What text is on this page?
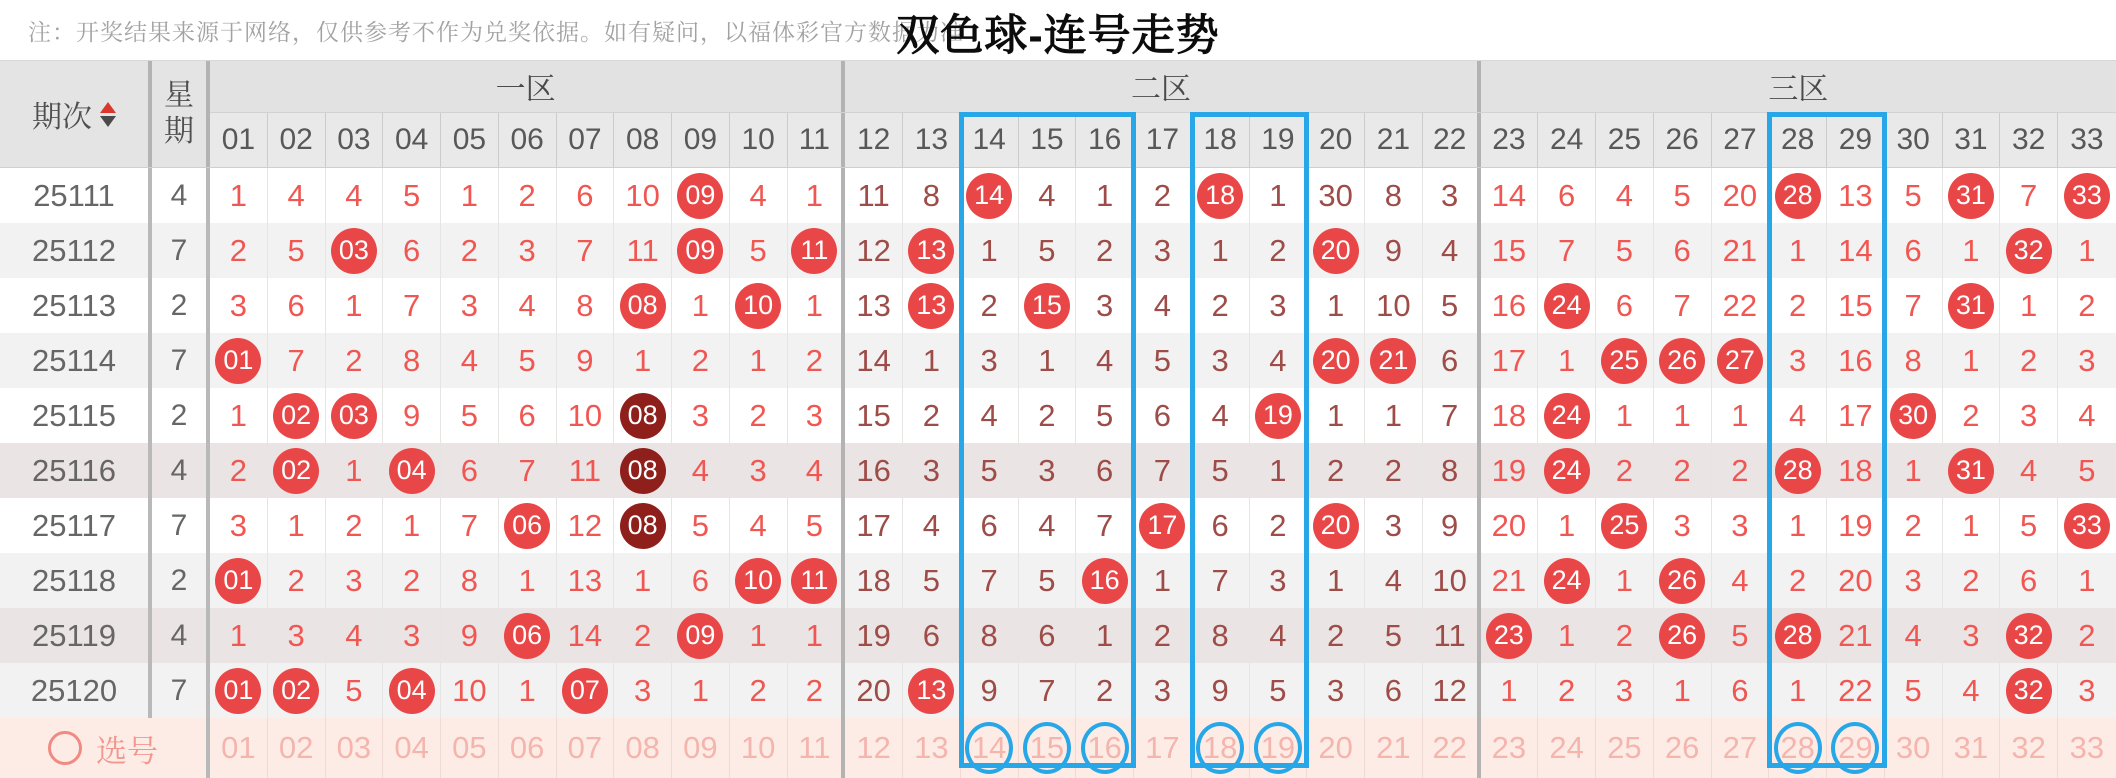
注：开奖结果来源于网络，仅供参考不作为兑奖依据。如有疑问，以福体彩官方数据为准
双色球-连号走势
期次
星期
一区	二区	三区
01 02 03 04 05 06 07 08 09 10 11 12 13 14 15 16 17 18 19 20 21 22 23 24 25 26 27 28 29 30 31 32 33
25111	4	1 4 4 5 1 2 6 10 09 4 1 11 8 14 4 1 2 18 1 30 8 3 14 6 4 5 20 28 13 5 31 7 33
25112	7	2 5 03 6 2 3 7 11 09 5	11 12 13 1 5 2 3 1 2 20 9 4 15 7 5 6 21 1 14 6 1 32 1
25113	2	3 6 1 7 3 4 8 08 1 10 1 13 13 2 15 3 4 2 3 1 10 5 16 24 6 7 22 2 15 7 31 1 2
25114	7	01 7 2 8 4 5 9 1 2 1 2 14 1 3 1 4 5 3 4 20 21 6 17 1 25 26 27 3 16 8 1 2 3
25115	2	1 02 03 9 5 6 10 08 3 2 3 15 2 4 2 5 6 4 19 1 1 7 18 24 1 1 1 4 17 30 2 3 4
25116	4	2 02 1 04 6 7 11 08 4 3 4 16 3 5 3 6 7 5 1 2 2 8 19 24 2 2 2 28 18 1 31 4 5
25117	7	3 1 2 1 7 06 12 08 5 4 5 17 4 6 4 7 17 6 2 20 3 9 20 1 25 3 3 1 19 2 1 5 33
25118	2	01 2 3 2 8 1 13 1 6 10	11 18 5 7 5 16 1 7 3 1 4 10 21 24 1 26 4 2 20 3 2 6 1
25119	4	1 3 4 3 9 06 14 2 09 1 1 19 6 8 6 1 2 8 4 2 5 11 23 1 2 26 5 28 21 4 3 32 2
25120	7	01 02 5 04 10 1 07 3 1 2 2 20 13 9 7 2 3 9 5 3 6 12 1 2 3 1 6 1 22 5 4 32 3
选号 01 02 03 04 05 06 07 08 09 10 11 12 13 14 15 16 17 18 19 20 21 22 23 24 25 26 27 28 29 30 31 32 33
